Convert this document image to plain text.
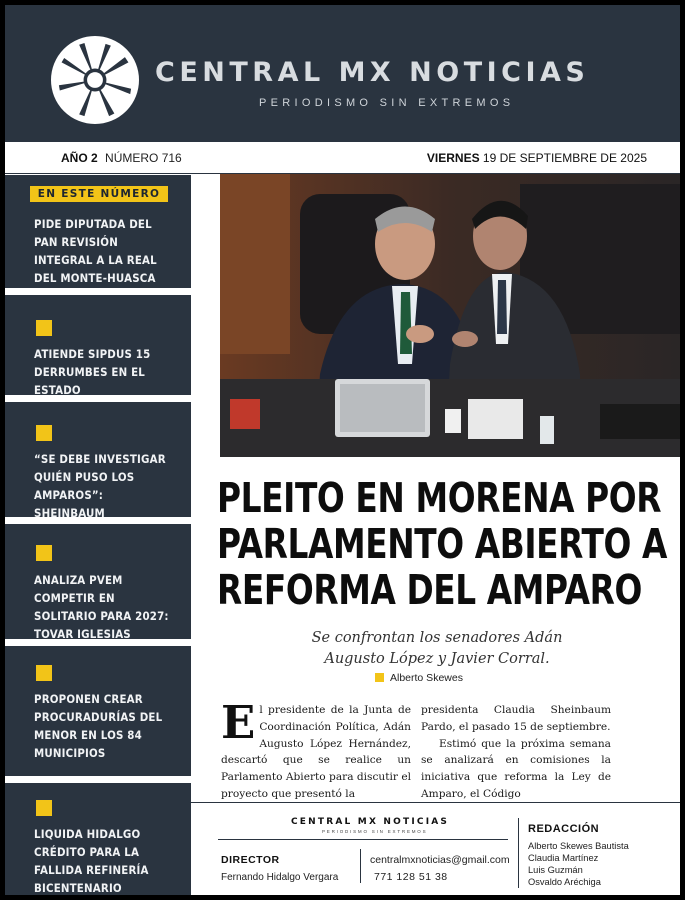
CENTRAL MX NOTICIAS
PERIODISMO SIN EXTREMOS
AÑO 2 NÚMERO 716	VIERNES 19 DE SEPTIEMBRE DE 2025
EN ESTE NÚMERO
PIDE DIPUTADA DEL PAN REVISIÓN INTEGRAL A LA REAL DEL MONTE-HUASCA
ATIENDE SIPDUS 15 DERRUMBES EN EL ESTADO
“SE DEBE INVESTIGAR QUIÉN PUSO LOS AMPAROS”: SHEINBAUM
ANALIZA PVEM COMPETIR EN SOLITARIO PARA 2027: TOVAR IGLESIAS
PROPONEN CREAR PROCURADURÍAS DEL MENOR EN LOS 84 MUNICIPIOS
LIQUIDA HIDALGO CRÉDITO PARA LA FALLIDA REFINERÍA BICENTENARIO
PLEITO EN MORENA POR
PARLAMENTO ABIERTO A
REFORMA DEL AMPARO
Se confrontan los senadores Adán
Augusto López y Javier Corral.
Alberto Skewes
El presidente de la Junta de Coordinación Política, Adán Augusto López Hernández, descartó que se realice un Parlamento Abierto para discutir el proyecto que presentó la
presidenta Claudia Sheinbaum Pardo, el pasado 15 de septiembre.
Estimó que la próxima semana se analizará en comisiones la iniciativa que reforma la Ley de Amparo, el Código
CENTRAL MX NOTICIAS
PERIODISMO SIN EXTREMOS
DIRECTOR
Fernando Hidalgo Vergara
centralmxnoticias@gmail.com
771 128 51 38
REDACCIÓN
Alberto Skewes Bautista
Claudia Martínez
Luis Guzmán
Osvaldo Aréchiga
